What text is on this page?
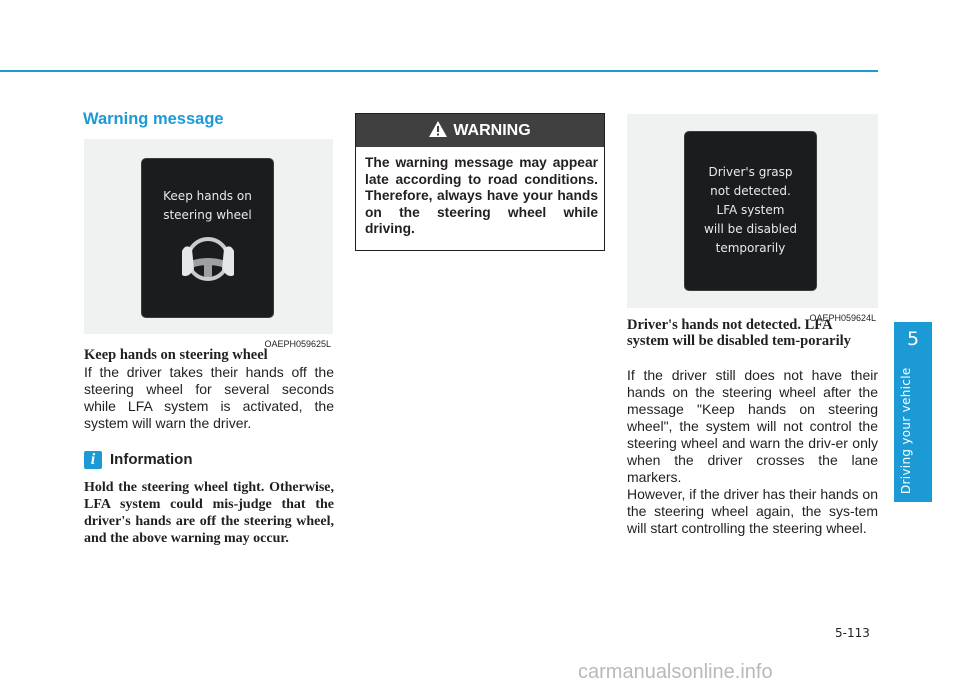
Warning message
Keep hands on
steering wheel
OAEPH059625L
Keep hands on steering wheel
If the driver takes their hands off the steering wheel for several seconds while LFA system is activated, the system will warn the driver.
i Information
Hold the steering wheel tight. Otherwise, LFA system could mis-judge that the driver's hands are off the steering wheel, and the above warning may occur.
WARNING
The warning message may appear late according to road conditions. Therefore, always have your hands on the steering wheel while driving.
Driver's grasp
not detected.
LFA system
will be disabled
temporarily
OAEPH059624L
Driver's hands not detected. LFA system will be disabled tem-porarily
If the driver still does not have their hands on the steering wheel after the message "Keep hands on steering wheel", the system will not control the steering wheel and warn the driv-er only when the driver crosses the lane markers.
However, if the driver has their hands on the steering wheel again, the sys-tem will start controlling the steering wheel.
5
Driving your vehicle
5-113
carmanualsonline.info
